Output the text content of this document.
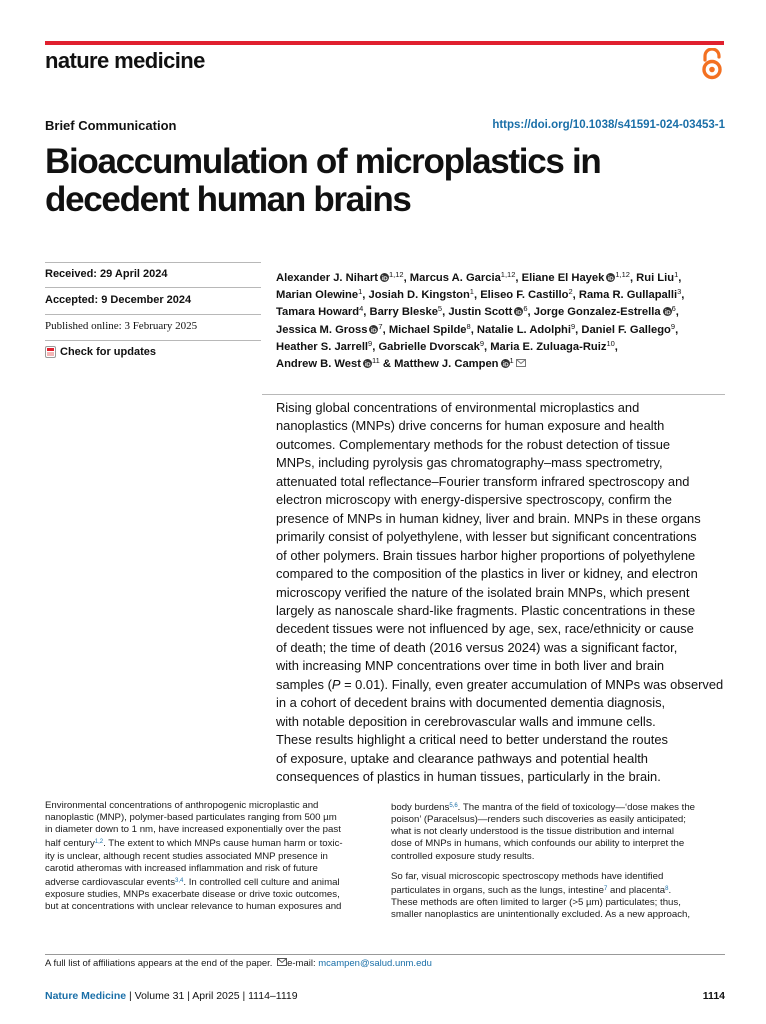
nature medicine
Brief Communication	https://doi.org/10.1038/s41591-024-03453-1
Bioaccumulation of microplastics in
decedent human brains
Received: 29 April 2024
Accepted: 9 December 2024
Published online: 3 February 2025
Check for updates
Alexander J. Nihart $^{1,12}$, Marcus A. Garcia$^{1,12}$, Eliane El Hayek $^{1,12}$, Rui Liu$^1$,
Marian Olewine$^1$, Josiah D. Kingston$^1$, Eliseo F. Castillo$^2$, Rama R. Gullapalli$^3$,
Tamara Howard$^4$, Barry Bleske$^5$, Justin Scott $^6$, Jorge Gonzalez-Estrella $^6$,
Jessica M. Gross $^7$, Michael Spilde$^8$, Natalie L. Adolphi$^9$, Daniel F. Gallego$^9$,
Heather S. Jarrell$^9$, Gabrielle Dvorscak$^9$, Maria E. Zuluaga-Ruiz$^{10}$,
Andrew B. West $^{11}$ & Matthew J. Campen $^1$
Rising global concentrations of environmental microplastics and
nanoplastics (MNPs) drive concerns for human exposure and health
outcomes. Complementary methods for the robust detection of tissue
MNPs, including pyrolysis gas chromatography–mass spectrometry,
attenuated total reflectance–Fourier transform infrared spectroscopy and
electron microscopy with energy-dispersive spectroscopy, confirm the
presence of MNPs in human kidney, liver and brain. MNPs in these organs
primarily consist of polyethylene, with lesser but significant concentrations
of other polymers. Brain tissues harbor higher proportions of polyethylene
compared to the composition of the plastics in liver or kidney, and electron
microscopy verified the nature of the isolated brain MNPs, which present
largely as nanoscale shard-like fragments. Plastic concentrations in these
decedent tissues were not influenced by age, sex, race/ethnicity or cause
of death; the time of death (2016 versus 2024) was a significant factor,
with increasing MNP concentrations over time in both liver and brain
samples (P = 0.01). Finally, even greater accumulation of MNPs was observed
in a cohort of decedent brains with documented dementia diagnosis,
with notable deposition in cerebrovascular walls and immune cells.
These results highlight a critical need to better understand the routes
of exposure, uptake and clearance pathways and potential health
consequences of plastics in human tissues, particularly in the brain.
Environmental concentrations of anthropogenic microplastic and
nanoplastic (MNP), polymer-based particulates ranging from 500 µm
in diameter down to 1 nm, have increased exponentially over the past
half century$^{1,2}$. The extent to which MNPs cause human harm or toxic-
ity is unclear, although recent studies associated MNP presence in
carotid atheromas with increased inflammation and risk of future
adverse cardiovascular events$^{3,4}$. In controlled cell culture and animal
exposure studies, MNPs exacerbate disease or drive toxic outcomes,
but at concentrations with unclear relevance to human exposures and
body burdens$^{5,6}$. The mantra of the field of toxicology—‘dose makes the
poison’ (Paracelsus)—renders such discoveries as easily anticipated;
what is not clearly understood is the tissue distribution and internal
dose of MNPs in humans, which confounds our ability to interpret the
controlled exposure study results.
So far, visual microscopic spectroscopy methods have identified
particulates in organs, such as the lungs, intestine$^7$ and placenta$^8$.
These methods are often limited to larger (>5 µm) particulates; thus,
smaller nanoplastics are unintentionally excluded. As a new approach,
A full list of affiliations appears at the end of the paper. e-mail: mcampen@salud.unm.edu
Nature Medicine | Volume 31 | April 2025 | 1114–1119	1114
